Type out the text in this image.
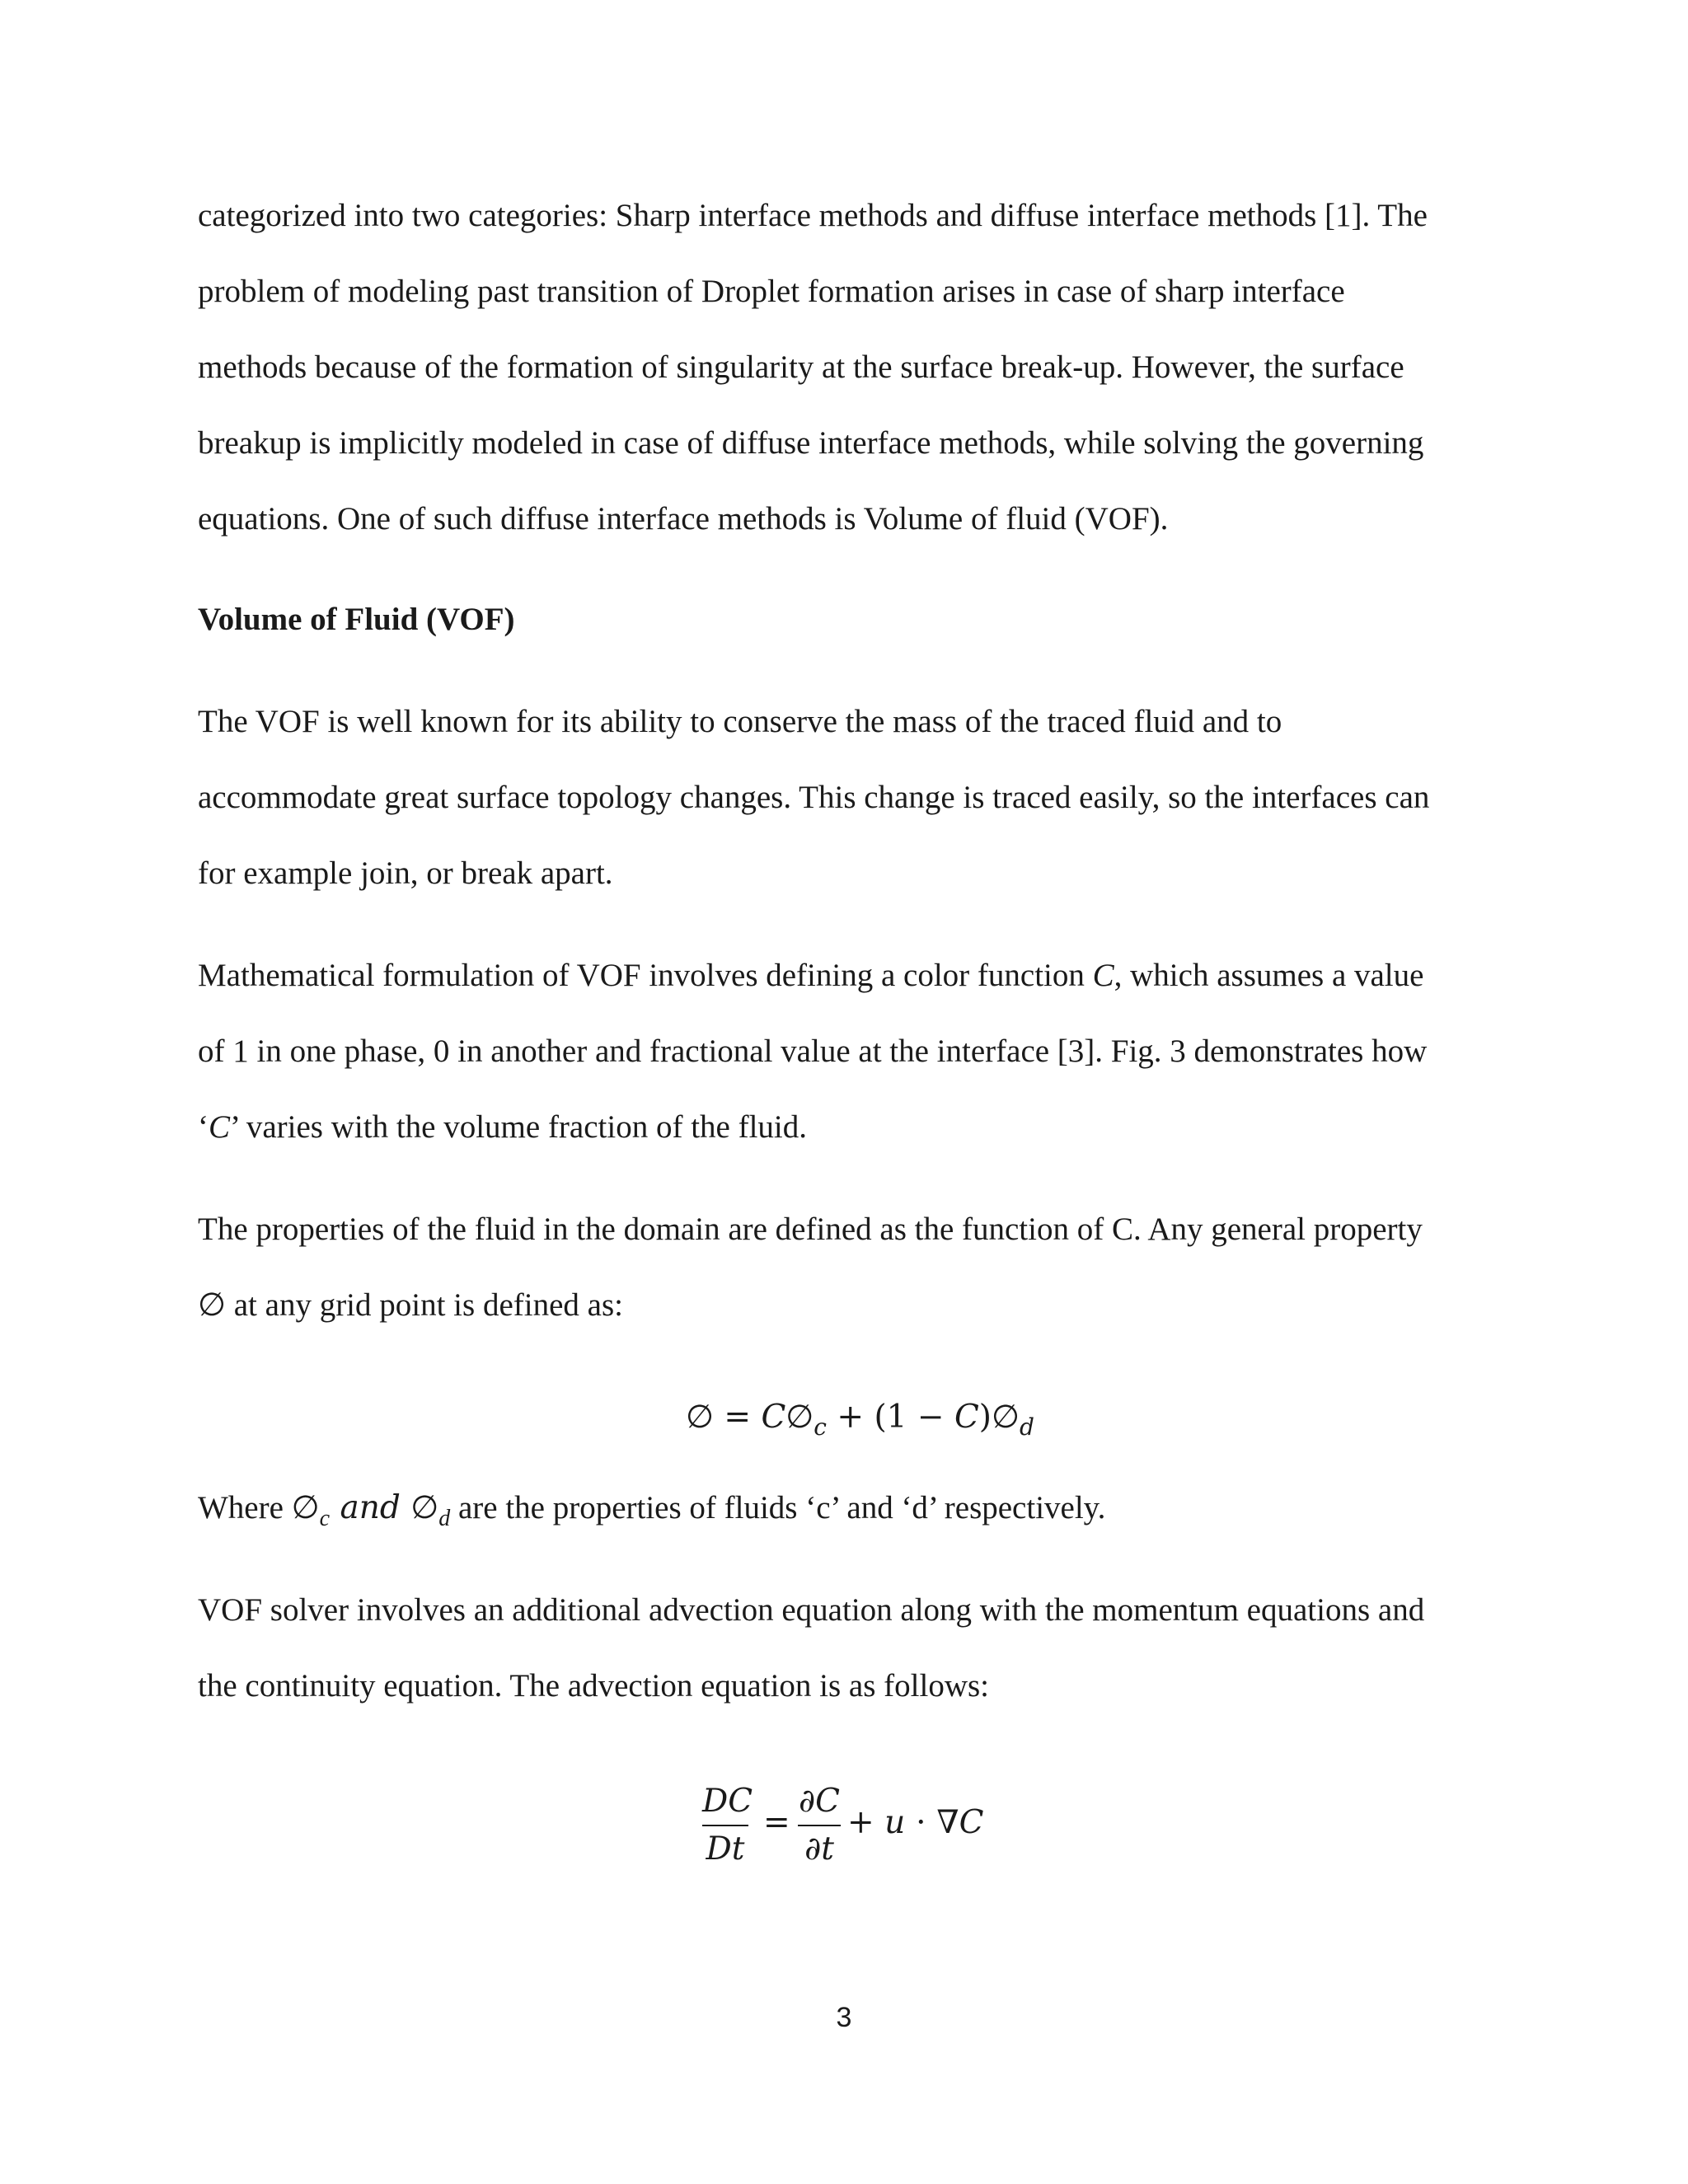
categorized into two categories: Sharp interface methods and diffuse interface methods [1]. The
problem of modeling past transition of Droplet formation arises in case of sharp interface
methods because of the formation of singularity at the surface break-up. However, the surface
breakup is implicitly modeled in case of diffuse interface methods, while solving the governing
equations. One of such diffuse interface methods is Volume of fluid (VOF).
Volume of Fluid (VOF)
The VOF is well known for its ability to conserve the mass of the traced fluid and to
accommodate great surface topology changes. This change is traced easily, so the interfaces can
for example join, or break apart.
Mathematical formulation of VOF involves defining a color function C, which assumes a value
of 1 in one phase, 0 in another and fractional value at the interface [3]. Fig. 3 demonstrates how
‘C’ varies with the volume fraction of the fluid.
The properties of the fluid in the domain are defined as the function of C. Any general property
∅ at any grid point is defined as:
∅ = $C\emptyset_c + (1$ − $C)\emptyset_d$
Where $\emptyset_c$ and $\emptyset_d$ are the properties of fluids ‘c’ and ‘d’ respectively.
VOF solver involves an additional advection equation along with the momentum equations and
the continuity equation. The advection equation is as follows:
DC
Dt
=
∂C
∂t
+ u ⋅ ∇C
3
